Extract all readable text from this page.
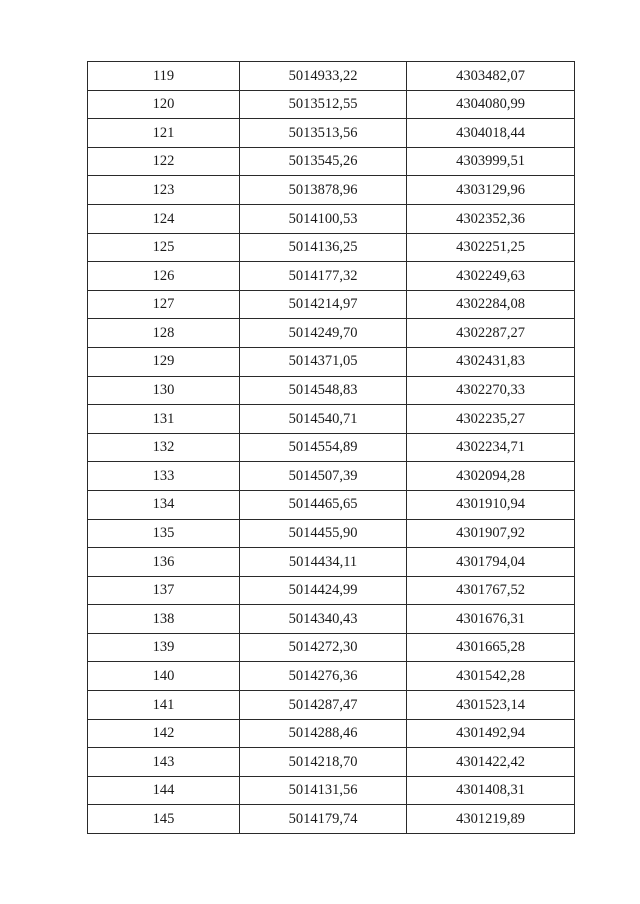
119	5014933,22	4303482,07
120	5013512,55	4304080,99
121	5013513,56	4304018,44
122	5013545,26	4303999,51
123	5013878,96	4303129,96
124	5014100,53	4302352,36
125	5014136,25	4302251,25
126	5014177,32	4302249,63
127	5014214,97	4302284,08
128	5014249,70	4302287,27
129	5014371,05	4302431,83
130	5014548,83	4302270,33
131	5014540,71	4302235,27
132	5014554,89	4302234,71
133	5014507,39	4302094,28
134	5014465,65	4301910,94
135	5014455,90	4301907,92
136	5014434,11	4301794,04
137	5014424,99	4301767,52
138	5014340,43	4301676,31
139	5014272,30	4301665,28
140	5014276,36	4301542,28
141	5014287,47	4301523,14
142	5014288,46	4301492,94
143	5014218,70	4301422,42
144	5014131,56	4301408,31
145	5014179,74	4301219,89
